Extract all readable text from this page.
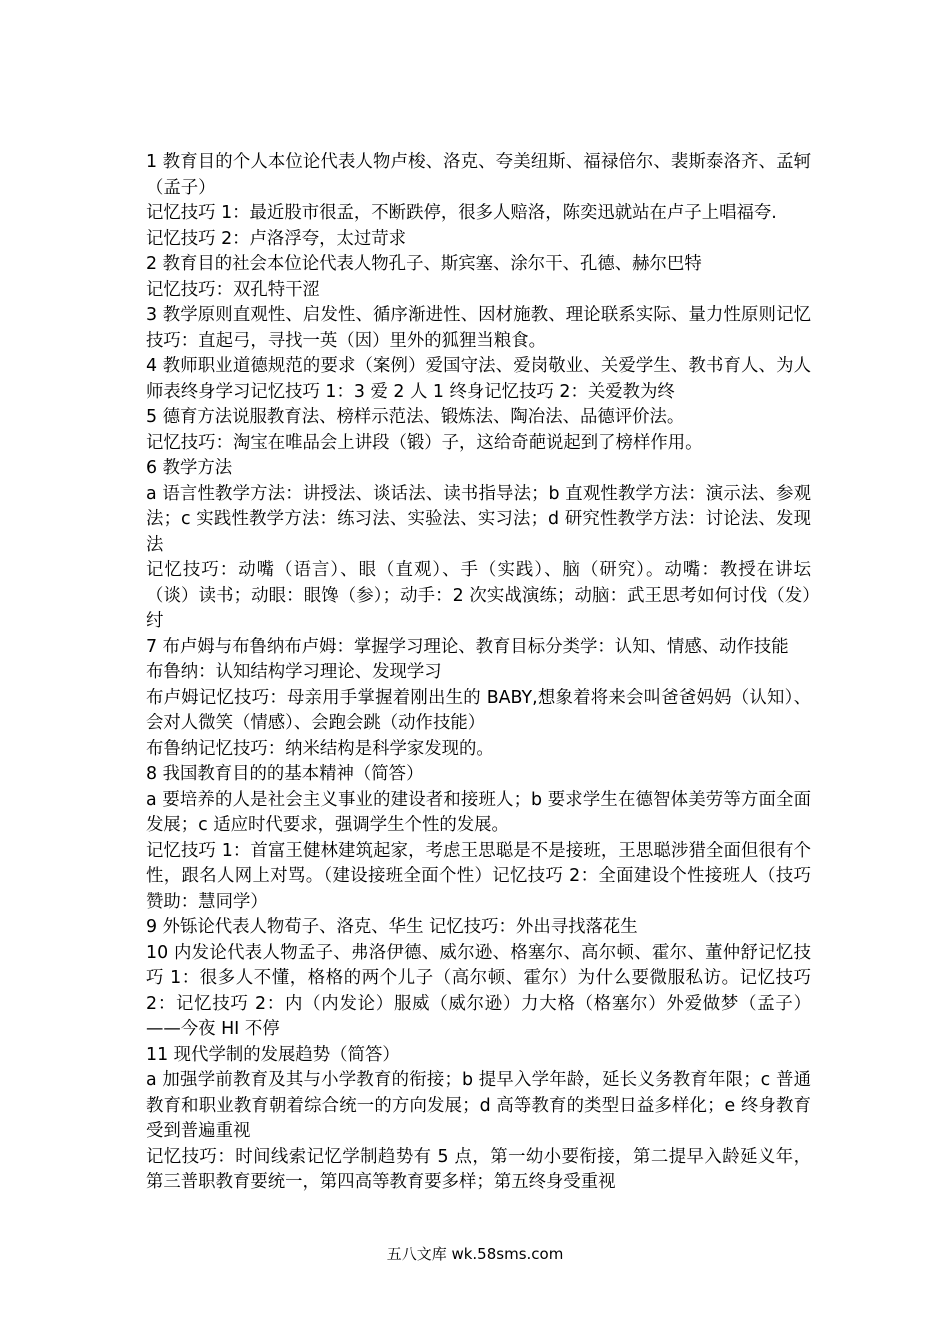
1 教育目的个人本位论代表人物卢梭、洛克、夸美纽斯、福禄倍尔、裴斯泰洛齐、孟轲（孟子）

记忆技巧 1：最近股市很孟，不断跌停，很多人赔洛，陈奕迅就站在卢子上唱福夸.

记忆技巧 2：卢洛浮夸，太过苛求

2 教育目的社会本位论代表人物孔子、斯宾塞、涂尔干、孔德、赫尔巴特

记忆技巧：双孔特干涩

3 教学原则直观性、启发性、循序渐进性、因材施教、理论联系实际、量力性原则记忆技巧：直起弓，寻找一英（因）里外的狐狸当粮食。

4 教师职业道德规范的要求（案例）爱国守法、爱岗敬业、关爱学生、教书育人、为人师表终身学习记忆技巧 1：3 爱 2 人 1 终身记忆技巧 2：关爱教为终

5 德育方法说服教育法、榜样示范法、锻炼法、陶冶法、品德评价法。

记忆技巧：淘宝在唯品会上讲段（锻）子，这给奇葩说起到了榜样作用。

6 教学方法

a 语言性教学方法：讲授法、谈话法、读书指导法；b 直观性教学方法：演示法、参观法；c 实践性教学方法：练习法、实验法、实习法；d 研究性教学方法：讨论法、发现法

记忆技巧：动嘴（语言）、眼（直观）、手（实践）、脑（研究）。动嘴：教授在讲坛（谈）读书；动眼：眼馋（参）；动手：2 次实战演练；动脑：武王思考如何讨伐（发）纣

7 布卢姆与布鲁纳布卢姆：掌握学习理论、教育目标分类学：认知、情感、动作技能

布鲁纳：认知结构学习理论、发现学习

布卢姆记忆技巧：母亲用手掌握着刚出生的 BABY,想象着将来会叫爸爸妈妈（认知）、会对人微笑（情感）、会跑会跳（动作技能）

布鲁纳记忆技巧：纳米结构是科学家发现的。

8 我国教育目的的基本精神（简答）

a 要培养的人是社会主义事业的建设者和接班人；b 要求学生在德智体美劳等方面全面发展；c 适应时代要求，强调学生个性的发展。

记忆技巧 1：首富王健林建筑起家，考虑王思聪是不是接班，王思聪涉猎全面但很有个性，跟名人网上对骂。（建设接班全面个性）记忆技巧 2：全面建设个性接班人（技巧赞助：慧同学）

9 外铄论代表人物荀子、洛克、华生 记忆技巧：外出寻找落花生

10 内发论代表人物孟子、弗洛伊德、威尔逊、格塞尔、高尔顿、霍尔、董仲舒记忆技巧 1：很多人不懂，格格的两个儿子（高尔顿、霍尔）为什么要微服私访。记忆技巧 2：记忆技巧 2：内（内发论）服威（威尔逊）力大格（格塞尔）外爱做梦（孟子）——今夜 HI 不停

11 现代学制的发展趋势（简答）

a 加强学前教育及其与小学教育的衔接；b 提早入学年龄，延长义务教育年限；c 普通教育和职业教育朝着综合统一的方向发展；d 高等教育的类型日益多样化；e 终身教育受到普遍重视

记忆技巧：时间线索记忆学制趋势有 5 点，第一幼小要衔接，第二提早入龄延义年，第三普职教育要统一，第四高等教育要多样；第五终身受重视

五八文库 wk.58sms.com
